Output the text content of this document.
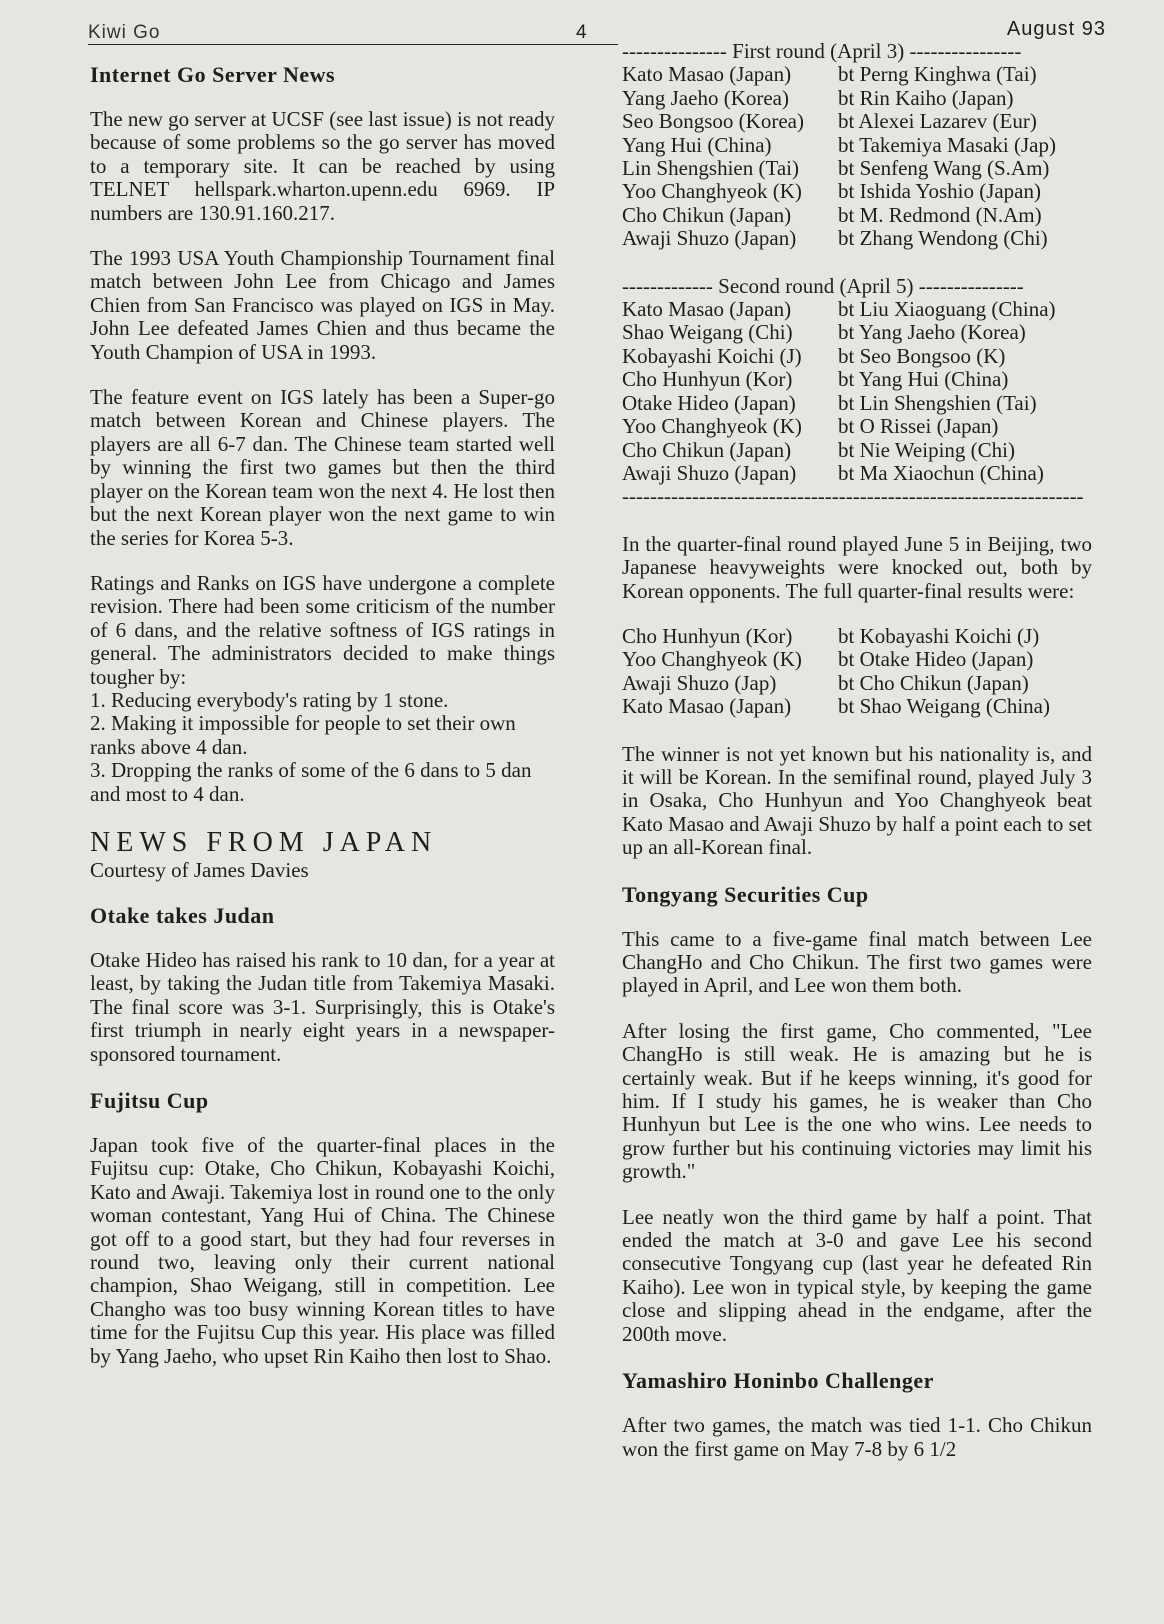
Kiwi Go	4	August 93
Internet Go Server News

The new go server at UCSF (see last issue) is not ready because of some problems so the go server has moved to a temporary site. It can be reached by using TELNET hellspark.wharton.upenn.edu 6969. IP numbers are 130.91.160.217.

The 1993 USA Youth Championship Tournament final match between John Lee from Chicago and James Chien from San Francisco was played on IGS in May. John Lee defeated James Chien and thus became the Youth Champion of USA in 1993.

The feature event on IGS lately has been a Super-go match between Korean and Chinese players. The players are all 6-7 dan. The Chinese team started well by winning the first two games but then the third player on the Korean team won the next 4. He lost then but the next Korean player won the next game to win the series for Korea 5-3.

Ratings and Ranks on IGS have undergone a complete revision. There had been some criticism of the number of 6 dans, and the relative softness of IGS ratings in general. The administrators decided to make things tougher by:

1. Reducing everybody's rating by 1 stone.
2. Making it impossible for people to set their own ranks above 4 dan.
3. Dropping the ranks of some of the 6 dans to 5 dan and most to 4 dan.
NEWS FROM JAPAN
Courtesy of James Davies
Otake takes Judan

Otake Hideo has raised his rank to 10 dan, for a year at least, by taking the Judan title from Takemiya Masaki. The final score was 3-1. Surprisingly, this is Otake's first triumph in nearly eight years in a newspaper-sponsored tournament.

Fujitsu Cup

Japan took five of the quarter-final places in the Fujitsu cup: Otake, Cho Chikun, Kobayashi Koichi, Kato and Awaji. Takemiya lost in round one to the only woman contestant, Yang Hui of China. The Chinese got off to a good start, but they had four reverses in round two, leaving only their current national champion, Shao Weigang, still in competition. Lee Changho was too busy winning Korean titles to have time for the Fujitsu Cup this year. His place was filled by Yang Jaeho, who upset Rin Kaiho then lost to Shao.

--------------- First round (April 3) ----------------
Kato Masao (Japan)	bt Perng Kinghwa (Tai)
Yang Jaeho (Korea)	bt Rin Kaiho (Japan)
Seo Bongsoo (Korea)	bt Alexei Lazarev (Eur)
Yang Hui (China)	bt Takemiya Masaki (Jap)
Lin Shengshien (Tai)	bt Senfeng Wang (S.Am)
Yoo Changhyeok (K)	bt Ishida Yoshio (Japan)
Cho Chikun (Japan)	bt M. Redmond (N.Am)
Awaji Shuzo (Japan)	bt Zhang Wendong (Chi)
------------- Second round (April 5) ---------------
Kato Masao (Japan)	bt Liu Xiaoguang (China)
Shao Weigang (Chi)	bt Yang Jaeho (Korea)
Kobayashi Koichi (J)	bt Seo Bongsoo (K)
Cho Hunhyun (Kor)	bt Yang Hui (China)
Otake Hideo (Japan)	bt Lin Shengshien (Tai)
Yoo Changhyeok (K)	bt O Rissei (Japan)
Cho Chikun (Japan)	bt Nie Weiping (Chi)
Awaji Shuzo (Japan)	bt Ma Xiaochun (China)
------------------------------------------------------------------

In the quarter-final round played June 5 in Beijing, two Japanese heavyweights were knocked out, both by Korean opponents. The full quarter-final results were:

Cho Hunhyun (Kor)	bt Kobayashi Koichi (J)
Yoo Changhyeok (K)	bt Otake Hideo (Japan)
Awaji Shuzo (Jap)	bt Cho Chikun (Japan)
Kato Masao (Japan)	bt Shao Weigang (China)

The winner is not yet known but his nationality is, and it will be Korean. In the semifinal round, played July 3 in Osaka, Cho Hunhyun and Yoo Changhyeok beat Kato Masao and Awaji Shuzo by half a point each to set up an all-Korean final.

Tongyang Securities Cup

This came to a five-game final match between Lee ChangHo and Cho Chikun. The first two games were played in April, and Lee won them both.

After losing the first game, Cho commented, "Lee ChangHo is still weak. He is amazing but he is certainly weak. But if he keeps winning, it's good for him. If I study his games, he is weaker than Cho Hunhyun but Lee is the one who wins. Lee needs to grow further but his continuing victories may limit his growth."

Lee neatly won the third game by half a point. That ended the match at 3-0 and gave Lee his second consecutive Tongyang cup (last year he defeated Rin Kaiho). Lee won in typical style, by keeping the game close and slipping ahead in the endgame, after the 200th move.

Yamashiro Honinbo Challenger

After two games, the match was tied 1-1. Cho Chikun won the first game on May 7-8 by 6 1/2
